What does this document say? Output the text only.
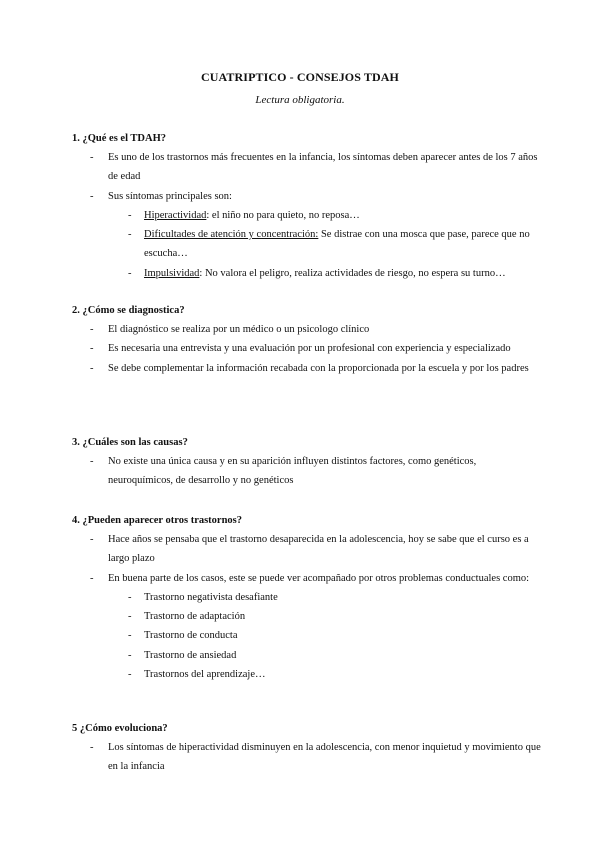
CUATRIPTICO - CONSEJOS TDAH
Lectura obligatoria.
1. ¿Qué es el TDAH?
- Es uno de los trastornos más frecuentes en la infancia, los síntomas deben aparecer antes de los 7 años de edad
- Sus síntomas principales son:
- Hiperactividad: el niño no para quieto, no reposa…
- Dificultades de atención y concentración: Se distrae con una mosca que pase, parece que no escucha…
- Impulsividad: No valora el peligro, realiza actividades de riesgo, no espera su turno…
2. ¿Cómo se diagnostica?
- El diagnóstico se realiza por un médico o un psicologo clínico
- Es necesaria una entrevista y una evaluación por un profesional con experiencia y especializado
- Se debe complementar la información recabada con la proporcionada por la escuela y por los padres
3. ¿Cuáles son las causas?
- No existe una única causa y en su aparición influyen distintos factores, como genéticos, neuroquímicos, de desarrollo y no genéticos
4. ¿Pueden aparecer otros trastornos?
- Hace años se pensaba que el trastorno desaparecida en la adolescencia, hoy se sabe que el curso es a largo plazo
- En buena parte de los casos, este se puede ver acompañado por otros problemas conductuales como:
- Trastorno negativista desafiante
- Trastorno de adaptación
- Trastorno de conducta
- Trastorno de ansiedad
- Trastornos del aprendizaje…
5 ¿Cómo evoluciona?
- Los síntomas de hiperactividad disminuyen en la adolescencia, con menor inquietud y movimiento que en la infancia
